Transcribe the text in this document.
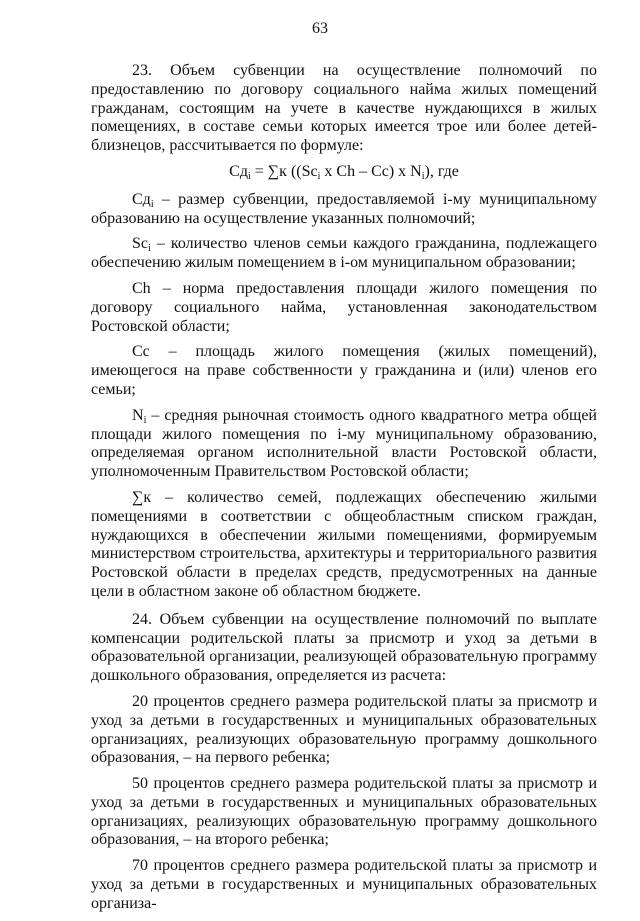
63

23. Объем субвенции на осуществление полномочий по предоставлению по договору социального найма жилых помещений гражданам, состоящим на учете в качестве нуждающихся в жилых помещениях, в составе семьи которых имеется трое или более детей-близнецов, рассчитывается по формуле:

$Сд_i = \sum к$ (($Sc_i$ x Ch – Cc) x $N_i$), где

$Сд_i$ – размер субвенции, предоставляемой i-му муниципальному образованию на осуществление указанных полномочий;

$Sc_i$ – количество членов семьи каждого гражданина, подлежащего обеспечению жилым помещением в i-ом муниципальном образовании;

Ch – норма предоставления площади жилого помещения по договору социального найма, установленная законодательством Ростовской области;

Cc – площадь жилого помещения (жилых помещений), имеющегося на праве собственности у гражданина и (или) членов его семьи;

$N_i$ – средняя рыночная стоимость одного квадратного метра общей площади жилого помещения по i-му муниципальному образованию, определяемая органом исполнительной власти Ростовской области, уполномоченным Правительством Ростовской области;

∑к – количество семей, подлежащих обеспечению жилыми помещениями в соответствии с общеобластным списком граждан, нуждающихся в обеспечении жилыми помещениями, формируемым министерством строительства, архитектуры и территориального развития Ростовской области в пределах средств, предусмотренных на данные цели в областном законе об областном бюджете.

24. Объем субвенции на осуществление полномочий по выплате компенсации родительской платы за присмотр и уход за детьми в образовательной организации, реализующей образовательную программу дошкольного образования, определяется из расчета:

20 процентов среднего размера родительской платы за присмотр и уход за детьми в государственных и муниципальных образовательных организациях, реализующих образовательную программу дошкольного образования, – на первого ребенка;

50 процентов среднего размера родительской платы за присмотр и уход за детьми в государственных и муниципальных образовательных организациях, реализующих образовательную программу дошкольного образования, – на второго ребенка;

70 процентов среднего размера родительской платы за присмотр и уход за детьми в государственных и муниципальных образовательных организа-
